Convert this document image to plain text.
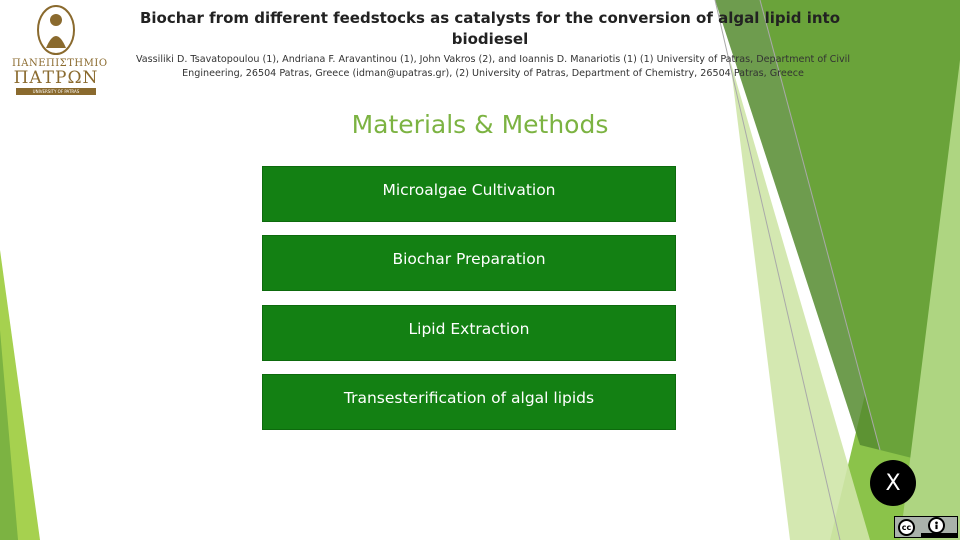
ΠΑΝΕΠΙΣΤΗΜΙΟ
ΠΑΤΡΩΝ
UNIVERSITY OF PATRAS
Biochar from different feedstocks as catalysts for the conversion of algal lipid into biodiesel
Vassiliki D. Tsavatopoulou (1), Andriana F. Aravantinou (1), John Vakros (2), and Ioannis D. Manariotis (1) (1) University of Patras, Department of Civil Engineering, 26504 Patras, Greece (idman@upatras.gr), (2) University of Patras, Department of Chemistry, 26504 Patras, Greece
Materials & Methods
Microalgae Cultivation
Biochar Preparation
Lipid Extraction
Transesterification of algal lipids
X
cc
